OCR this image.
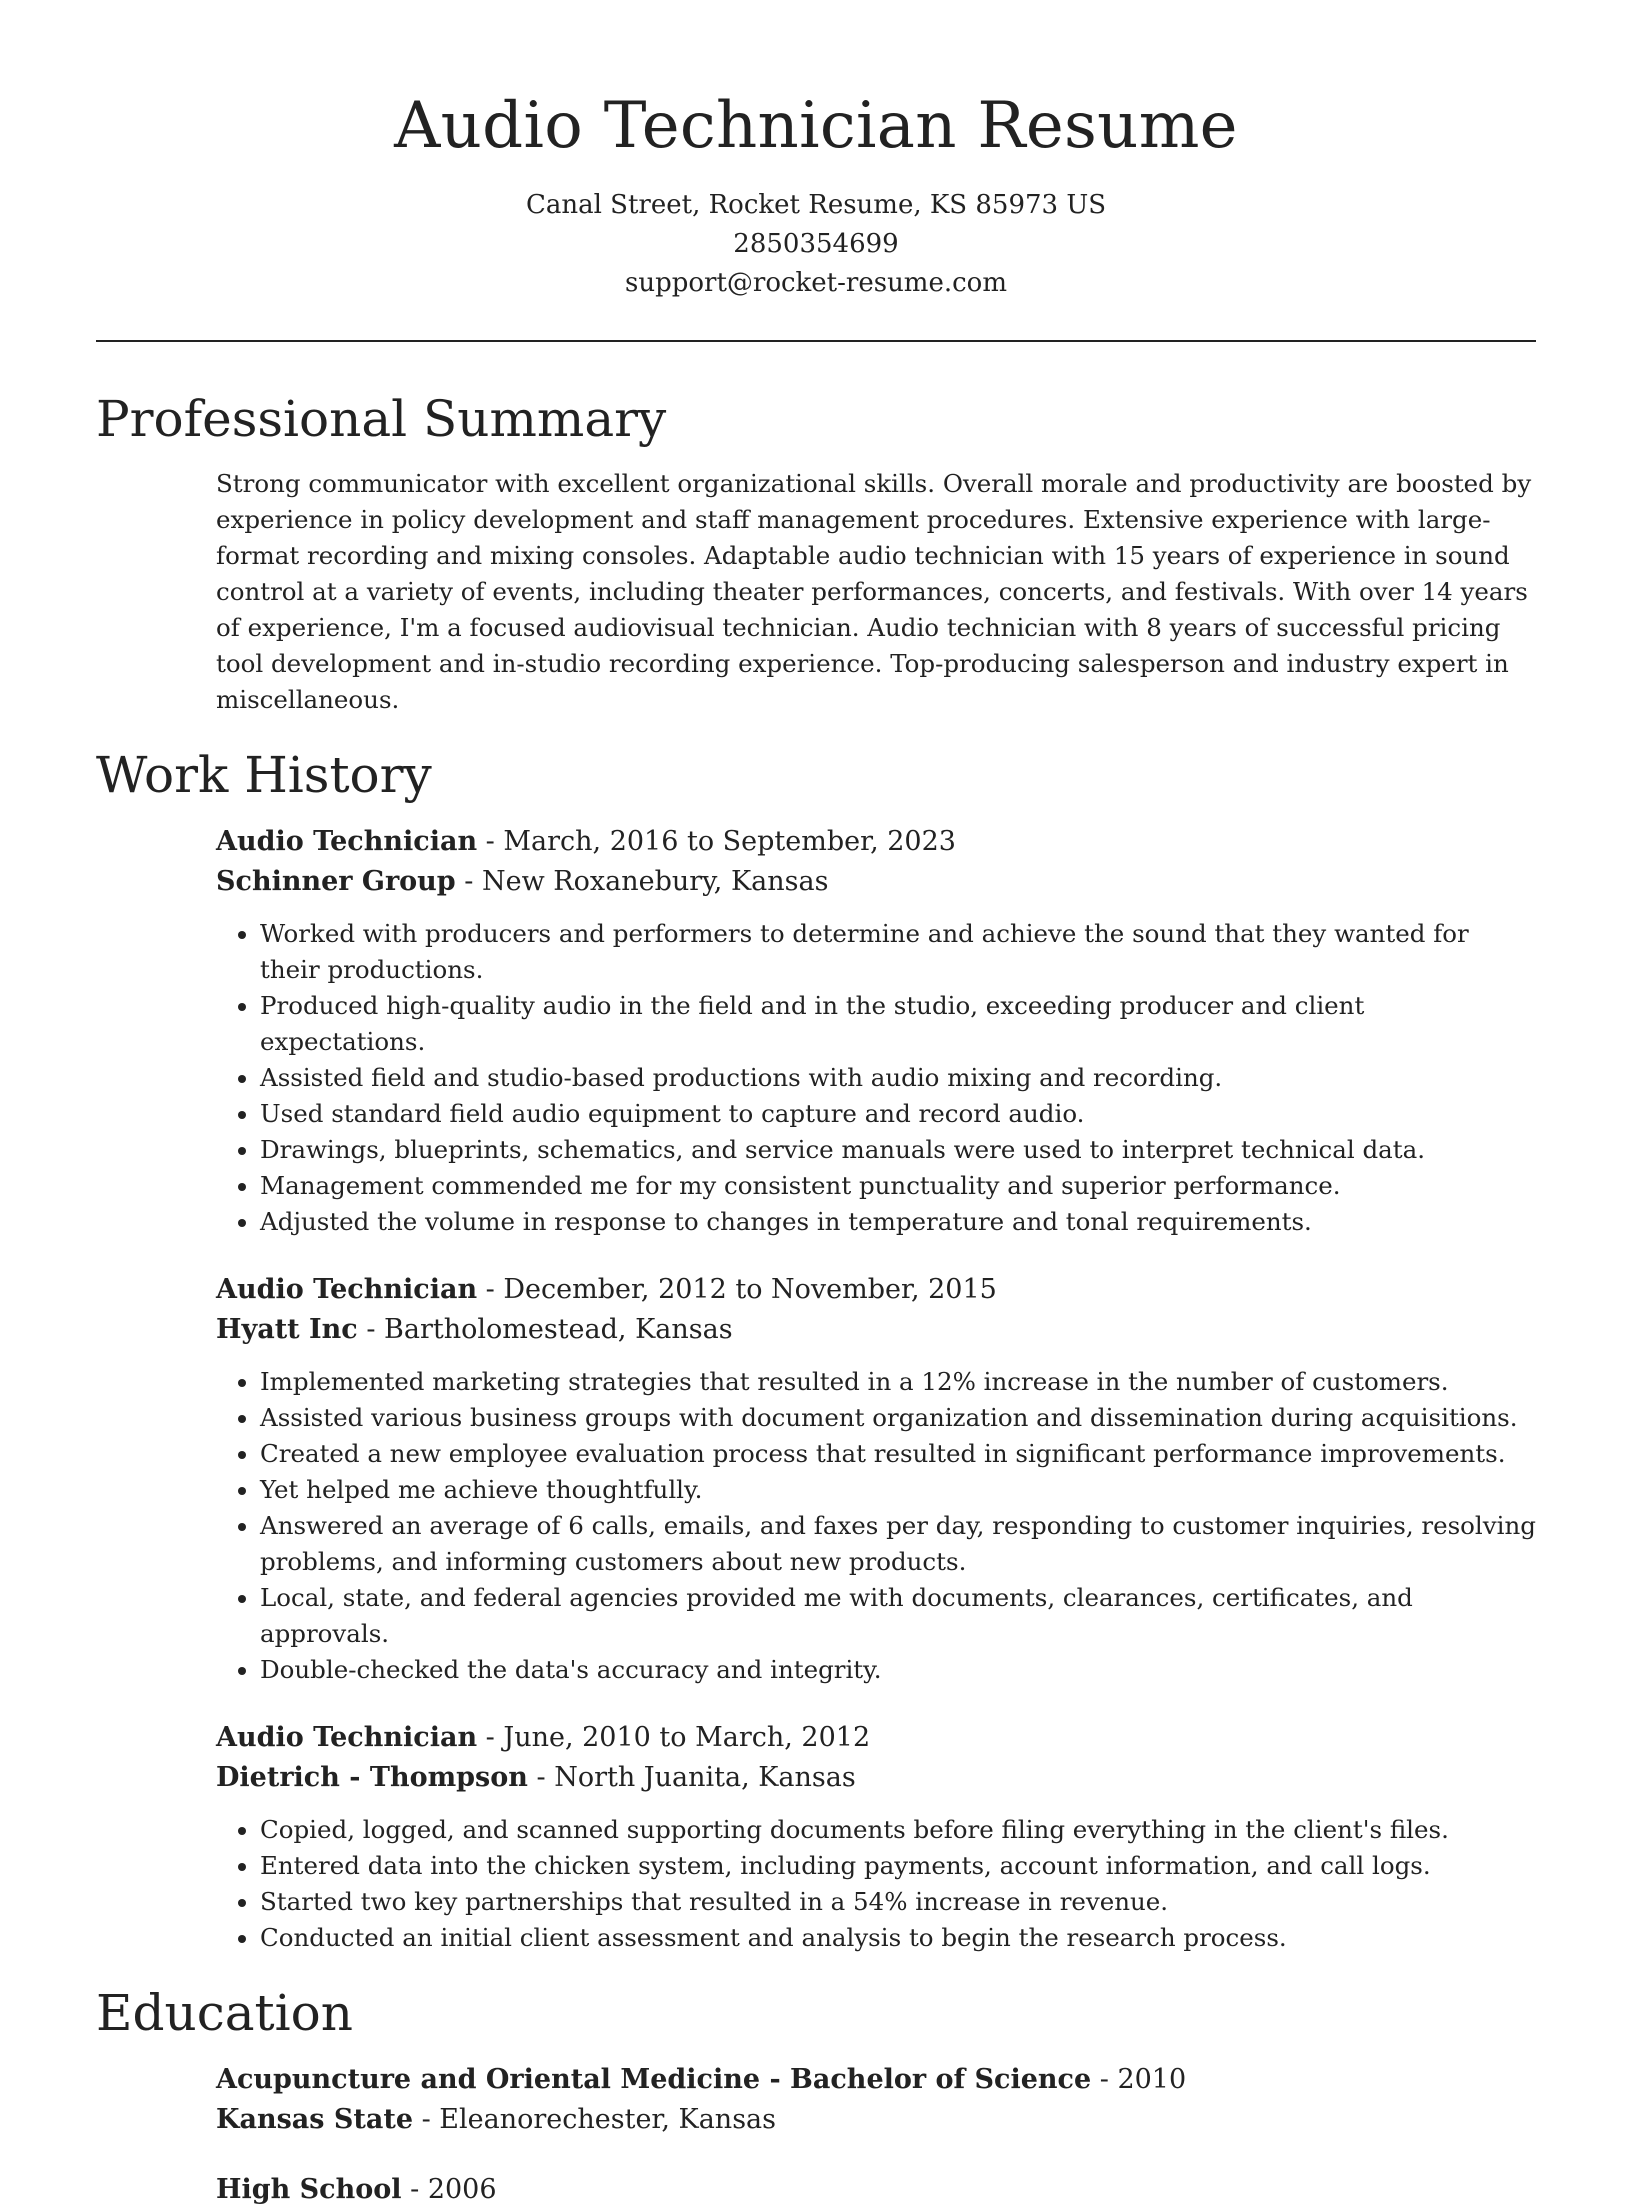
Audio Technician Resume
Canal Street, Rocket Resume, KS 85973 US
2850354699
support@rocket-resume.com
Professional Summary
Strong communicator with excellent organizational skills. Overall morale and productivity are boosted by experience in policy development and staff management procedures. Extensive experience with large-format recording and mixing consoles. Adaptable audio technician with 15 years of experience in sound control at a variety of events, including theater performances, concerts, and festivals. With over 14 years of experience, I'm a focused audiovisual technician. Audio technician with 8 years of successful pricing tool development and in-studio recording experience. Top-producing salesperson and industry expert in miscellaneous.
Work History
Audio Technician - March, 2016 to September, 2023
Schinner Group - New Roxanebury, Kansas
• Worked with producers and performers to determine and achieve the sound that they wanted for their productions.
• Produced high-quality audio in the field and in the studio, exceeding producer and client expectations.
• Assisted field and studio-based productions with audio mixing and recording.
• Used standard field audio equipment to capture and record audio.
• Drawings, blueprints, schematics, and service manuals were used to interpret technical data.
• Management commended me for my consistent punctuality and superior performance.
• Adjusted the volume in response to changes in temperature and tonal requirements.
Audio Technician - December, 2012 to November, 2015
Hyatt Inc - Bartholomestead, Kansas
• Implemented marketing strategies that resulted in a 12% increase in the number of customers.
• Assisted various business groups with document organization and dissemination during acquisitions.
• Created a new employee evaluation process that resulted in significant performance improvements.
• Yet helped me achieve thoughtfully.
• Answered an average of 6 calls, emails, and faxes per day, responding to customer inquiries, resolving problems, and informing customers about new products.
• Local, state, and federal agencies provided me with documents, clearances, certificates, and approvals.
• Double-checked the data's accuracy and integrity.
Audio Technician - June, 2010 to March, 2012
Dietrich - Thompson - North Juanita, Kansas
• Copied, logged, and scanned supporting documents before filing everything in the client's files.
• Entered data into the chicken system, including payments, account information, and call logs.
• Started two key partnerships that resulted in a 54% increase in revenue.
• Conducted an initial client assessment and analysis to begin the research process.
Education
Acupuncture and Oriental Medicine - Bachelor of Science - 2010
Kansas State - Eleanorechester, Kansas
High School - 2006
